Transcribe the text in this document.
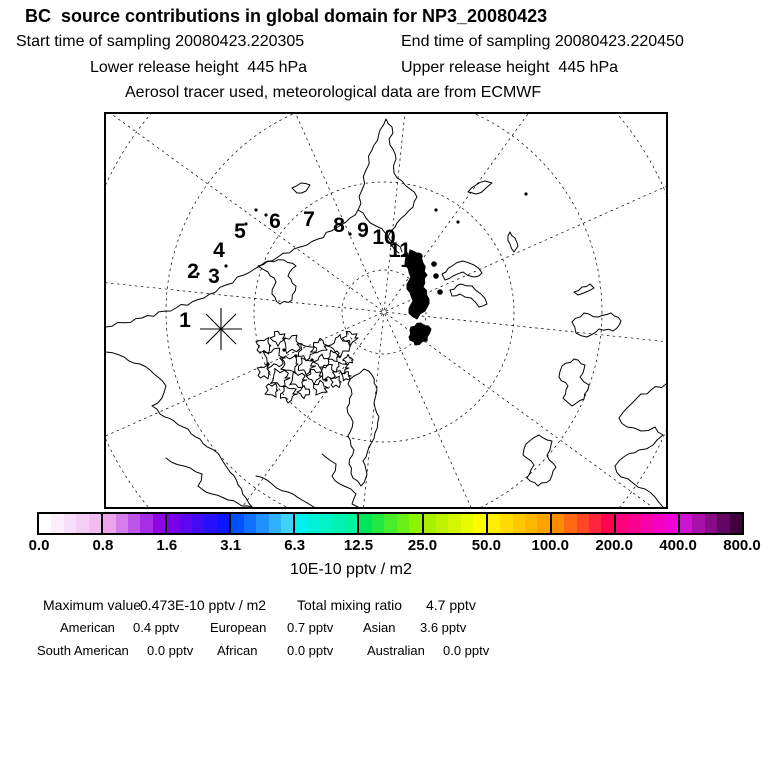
BC  source contributions in global domain for NP3_20080423
Start time of sampling 20080423.220305	End time of sampling 20080423.220450
Lower release height  445 hPa	Upper release height  445 hPa
Aerosol tracer used, meteorological data are from ECMWF
1
2 3
4
5 6 7 8 9 10
11
12
0.0	0.8	1.6	3.1	6.3	12.5 25.0 50.0 100.0 200.0 400.0 800.0
10E-10 pptv / m2
Maximum value
0.473E-10 pptv / m2 Total mixing ratio 4.7 pptv
American 0.4 pptv European 0.7 pptv Asian 3.6 pptv
South American 0.0 pptv African 0.0 pptv	Australian 0.0 pptv
